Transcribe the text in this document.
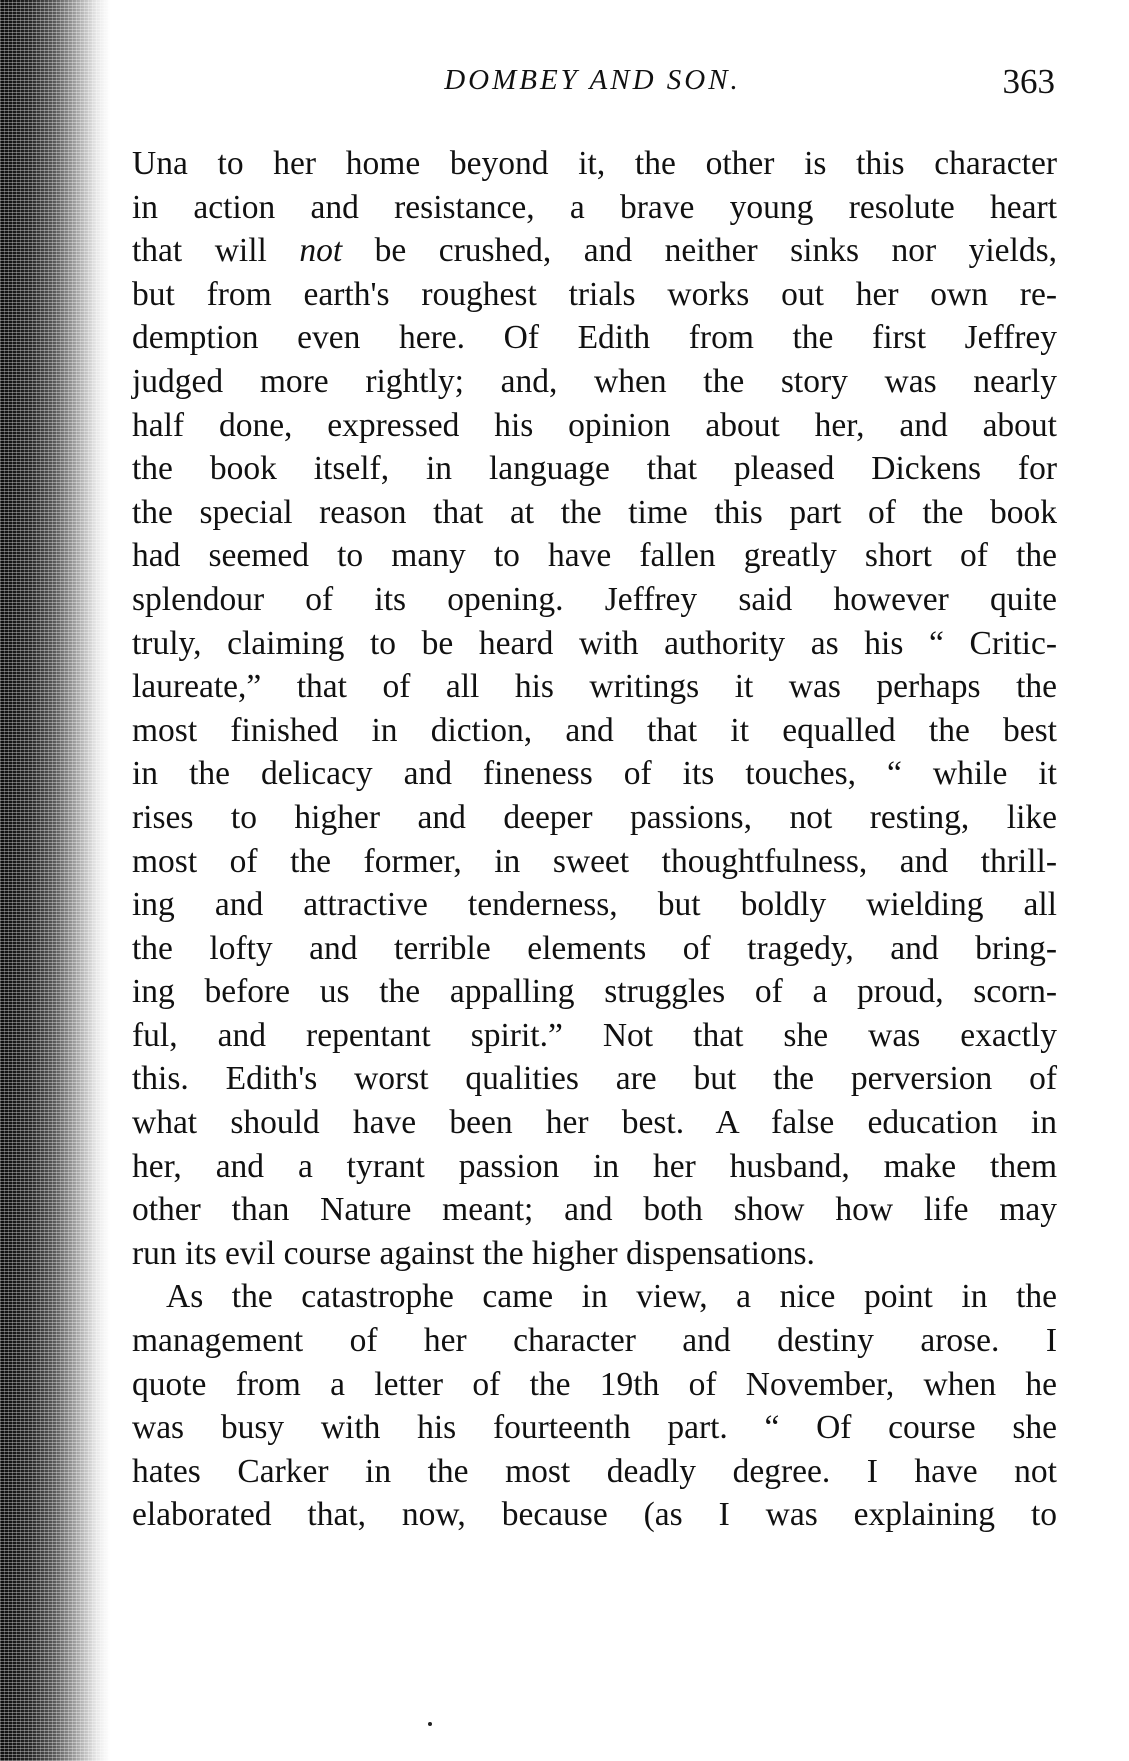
DOMBEY AND SON.	363
Una to her home beyond it, the other is this character
in action and resistance, a brave young resolute heart
that will not be crushed, and neither sinks nor yields,
but from earth's roughest trials works out her own re-
demption even here. Of Edith from the first Jeffrey
judged more rightly; and, when the story was nearly
half done, expressed his opinion about her, and about
the book itself, in language that pleased Dickens for
the special reason that at the time this part of the book
had seemed to many to have fallen greatly short of the
splendour of its opening. Jeffrey said however quite
truly, claiming to be heard with authority as his “ Critic-
laureate,” that of all his writings it was perhaps the
most finished in diction, and that it equalled the best
in the delicacy and fineness of its touches, “ while it
rises to higher and deeper passions, not resting, like
most of the former, in sweet thoughtfulness, and thrill-
ing and attractive tenderness, but boldly wielding all
the lofty and terrible elements of tragedy, and bring-
ing before us the appalling struggles of a proud, scorn-
ful, and repentant spirit.” Not that she was exactly
this. Edith's worst qualities are but the perversion of
what should have been her best. A false education in
her, and a tyrant passion in her husband, make them
other than Nature meant; and both show how life may
run its evil course against the higher dispensations.
As the catastrophe came in view, a nice point in the
management of her character and destiny arose. I
quote from a letter of the 19th of November, when he
was busy with his fourteenth part. “ Of course she
hates Carker in the most deadly degree. I have not
elaborated that, now, because (as I was explaining to
